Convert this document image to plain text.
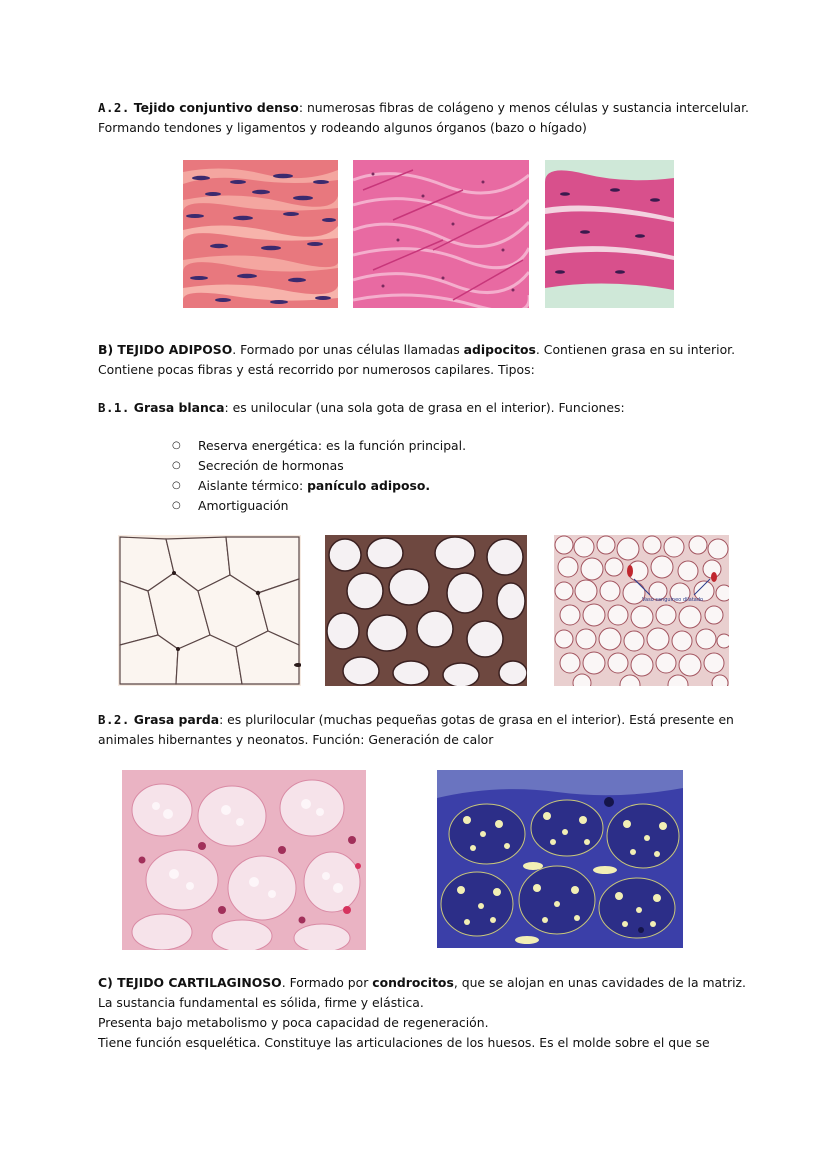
A.2. Tejido conjuntivo denso: numerosas fibras de colágeno y menos células y sustancia intercelular.

Formando tendones y ligamentos y rodeando algunos órganos (bazo o hígado)

B) TEJIDO ADIPOSO. Formado por unas células llamadas adipocitos. Contienen grasa en su interior.

Contiene pocas fibras y está recorrido por numerosos capilares. Tipos:

B.1. Grasa blanca: es unilocular (una sola gota de grasa en el interior). Funciones:

○ Reserva energética: es la función principal.
○ Secreción de hormonas
○ Aislante térmico: panículo adiposo.
○ Amortiguación
Vaso sanguíneo dilatado

B.2. Grasa parda: es plurilocular (muchas pequeñas gotas de grasa en el interior). Está presente en

animales hibernantes y neonatos. Función: Generación de calor

C) TEJIDO CARTILAGINOSO. Formado por condrocitos, que se alojan en unas cavidades de la matriz.

La sustancia fundamental es sólida, firme y elástica.

Presenta bajo metabolismo y poca capacidad de regeneración.

Tiene función esquelética. Constituye las articulaciones de los huesos. Es el molde sobre el que se
